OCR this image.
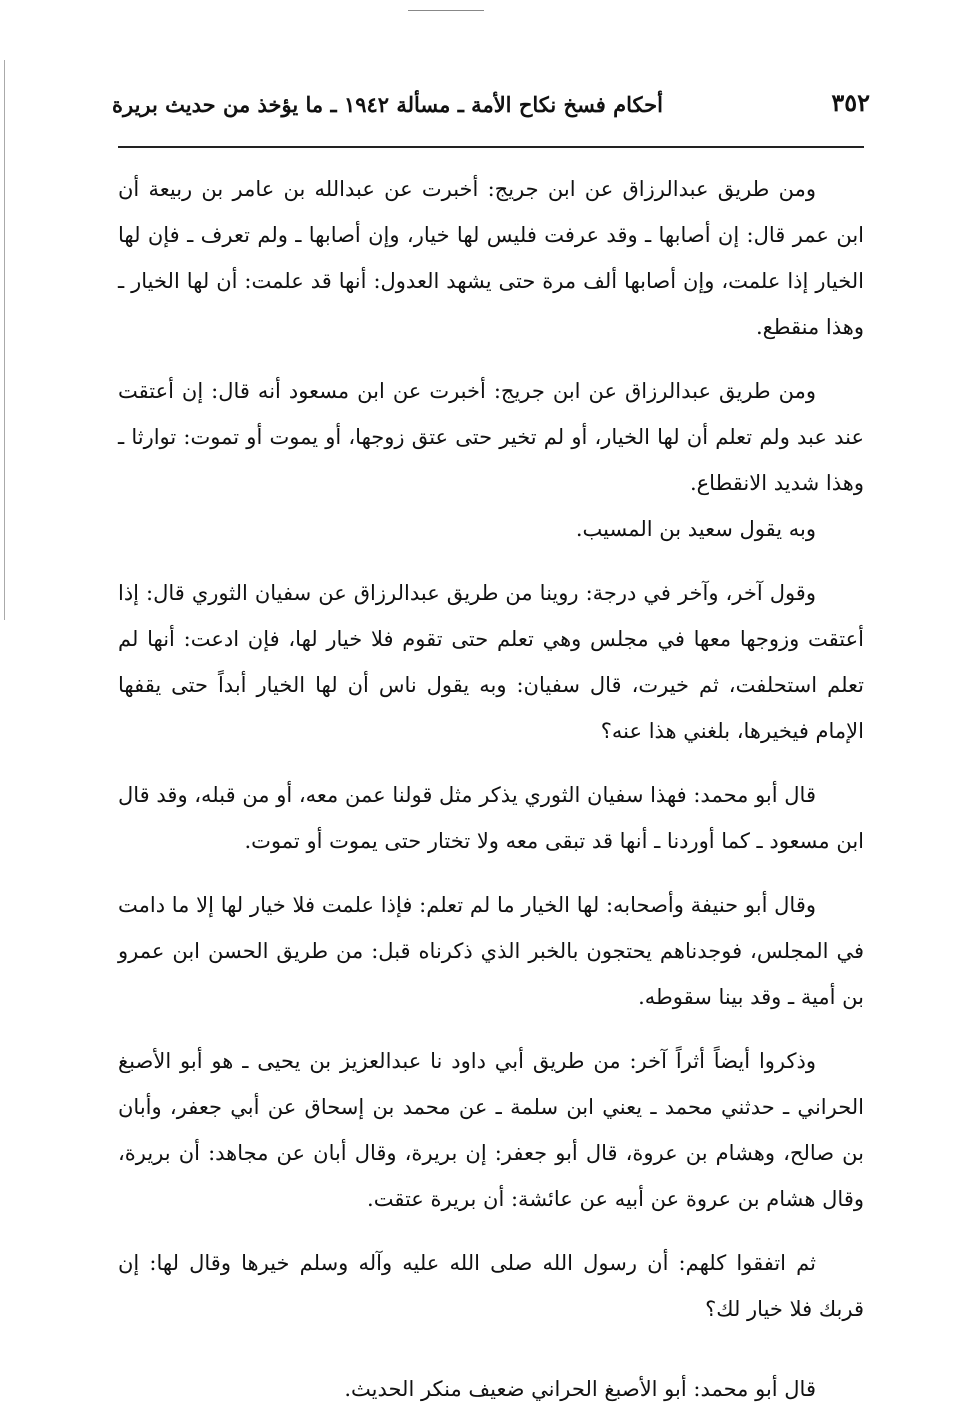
٣٥٢
أحكام فسخ نكاح الأمة ـ مسألة ١٩٤٢ ـ ما يؤخذ من حديث بريرة

ومن طريق عبدالرزاق عن ابن جريج: أخبرت عن عبدالله بن عامر بن ربيعة أن ابن عمر قال: إن أصابها ـ وقد عرفت فليس لها خيار، وإن أصابها ـ ولم تعرف ـ فإن لها الخيار إذا علمت، وإن أصابها ألف مرة حتى يشهد العدول: أنها قد علمت: أن لها الخيار ـ وهذا منقطع.

ومن طريق عبدالرزاق عن ابن جريج: أخبرت عن ابن مسعود أنه قال: إن أعتقت عند عبد ولم تعلم أن لها الخيار، أو لم تخير حتى عتق زوجها، أو يموت أو تموت: توارثا ـ وهذا شديد الانقطاع.

وبه يقول سعيد بن المسيب.

وقول آخر، وآخر في درجة: روينا من طريق عبدالرزاق عن سفيان الثوري قال: إذا أعتقت وزوجها معها في مجلس وهي تعلم حتى تقوم فلا خيار لها، فإن ادعت: أنها لم تعلم استحلفت، ثم خيرت، قال سفيان: وبه يقول ناس أن لها الخيار أبداً حتى يقفها الإمام فيخيرها، بلغني هذا عنه؟

قال أبو محمد: فهذا سفيان الثوري يذكر مثل قولنا عمن معه، أو من قبله، وقد قال ابن مسعود ـ كما أوردنا ـ أنها قد تبقى معه ولا تختار حتى يموت أو تموت.

وقال أبو حنيفة وأصحابه: لها الخيار ما لم تعلم: فإذا علمت فلا خيار لها إلا ما دامت في المجلس، فوجدناهم يحتجون بالخبر الذي ذكرناه قبل: من طريق الحسن ابن عمرو بن أمية ـ وقد بينا سقوطه.

وذكروا أيضاً أثراً آخر: من طريق أبي داود نا عبدالعزيز بن يحيى ـ هو أبو الأصبغ الحراني ـ حدثني محمد ـ يعني ابن سلمة ـ عن محمد بن إسحاق عن أبي جعفر، وأبان بن صالح، وهشام بن عروة، قال أبو جعفر: إن بريرة، وقال أبان عن مجاهد: أن بريرة، وقال هشام بن عروة عن أبيه عن عائشة: أن بريرة عتقت.

ثم اتفقوا كلهم: أن رسول الله صلى الله عليه وآله وسلم خيرها وقال لها: إن قربك فلا خيار لك؟

قال أبو محمد: أبو الأصبغ الحراني ضعيف منكر الحديث.
